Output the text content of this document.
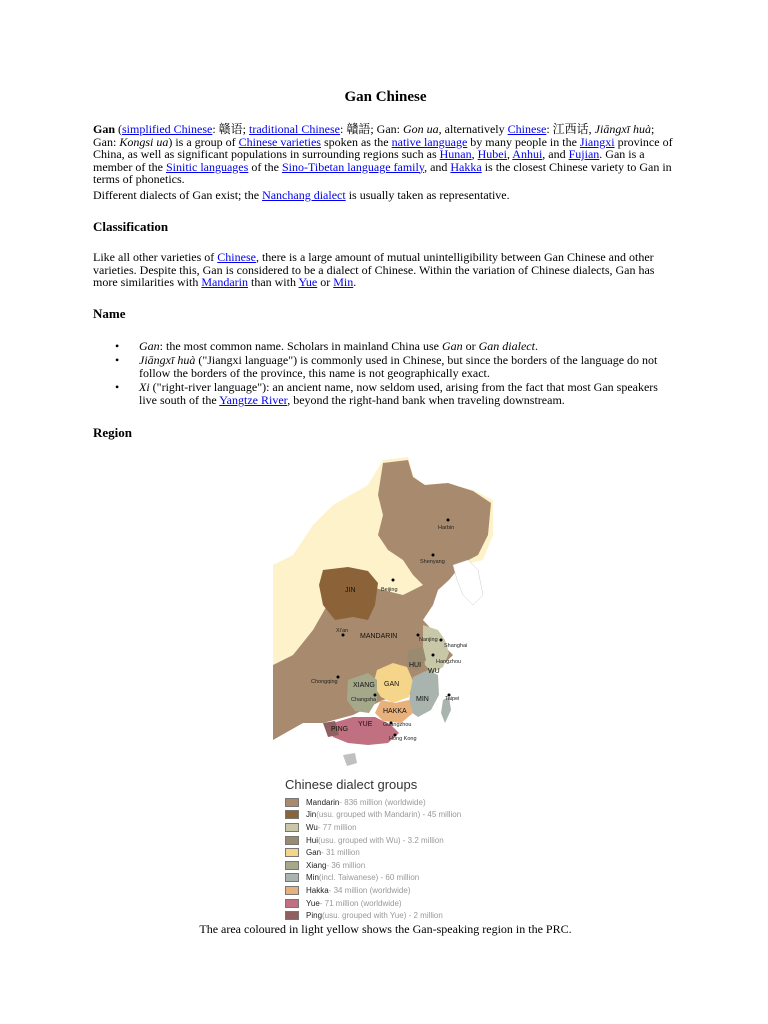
Gan Chinese

Gan (simplified Chinese: 赣语; traditional Chinese: 贛語; Gan: Gon ua, alternatively Chinese: 江西话, Jiāngxī huà; Gan: Kongsi ua) is a group of Chinese varieties spoken as the native language by many people in the Jiangxi province of China, as well as significant populations in surrounding regions such as Hunan, Hubei, Anhui, and Fujian. Gan is a member of the Sinitic languages of the Sino-Tibetan language family, and Hakka is the closest Chinese variety to Gan in terms of phonetics.

Different dialects of Gan exist; the Nanchang dialect is usually taken as representative.

Classification

Like all other varieties of Chinese, there is a large amount of mutual unintelligibility between Gan Chinese and other varieties. Despite this, Gan is considered to be a dialect of Chinese. Within the variation of Chinese dialects, Gan has more similarities with Mandarin than with Yue or Min.

Name
• Gan: the most common name. Scholars in mainland China use Gan or Gan dialect.
• Jiāngxī huà ("Jiangxi language") is commonly used in Chinese, but since the borders of the language do not follow the borders of the province, this name is not geographically exact.
• Xi ("right-river language"): an ancient name, now seldom used, arising from the fact that most Gan speakers live south of the Yangtze River, beyond the right-hand bank when traveling downstream.
Region
Harbin
Shenyang
Beijing
Xi'an
Nanjing
Shanghai
Hangzhou
Chongqing
Changsha	Taipei
Guangzhou
Hong Kong
JIN
MANDARIN
HUI
WU
XIANG GAN
MIN
HAKKA
YUE
PING
Chinese dialect groups
Mandarin - 836 million (worldwide)
Jin (usu. grouped with Mandarin) - 45 million
Wu - 77 million
Hui (usu. grouped with Wu) - 3.2 million
Gan - 31 million
Xiang - 36 million
Min (incl. Taiwanese) - 60 million
Hakka - 34 million (worldwide)
Yue - 71 million (worldwide)
Ping (usu. grouped with Yue) - 2 million

The area coloured in light yellow shows the Gan-speaking region in the PRC.
